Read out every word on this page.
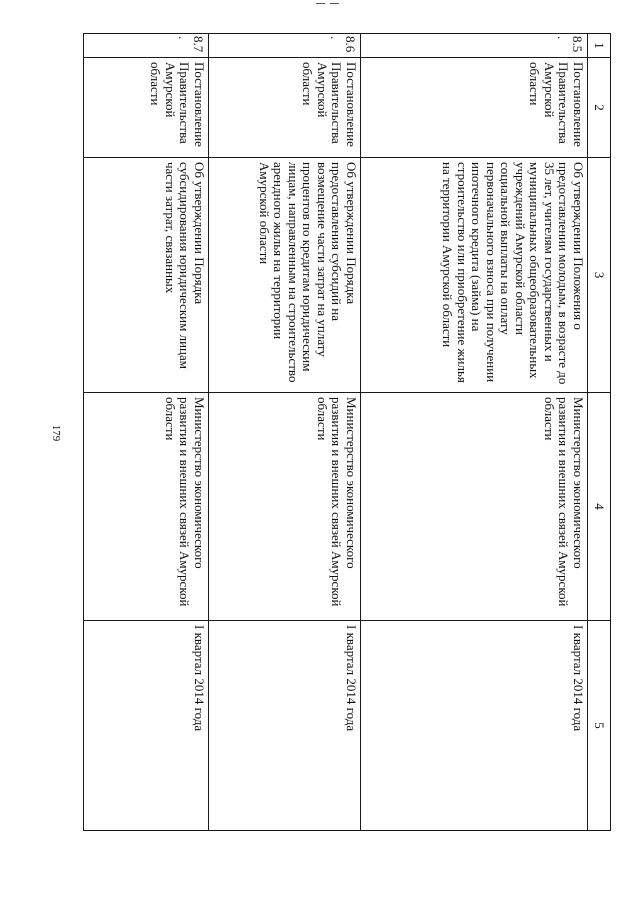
179
1	2	3	4	5
8.5.	Постановление Правительства Амурской области	Об утверждении Положения о предоставлении молодым, в возрасте до 35 лет, учителям государственных и муниципальных общеобразовательных учреждений Амурской области социальной выплаты на оплату первоначального взноса при получении ипотечного кредита (займа) на строительство или приобретение жилья на территории Амурской области	Министерство экономического развития и внешних связей Амурской области	I квартал 2014 года
8.6.	Постановление Правительства Амурской области	Об утверждении Порядка предоставления субсидий на возмещение части затрат на уплату процентов по кредитам юридическим лицам, направленным на строительство арендного жилья на территории Амурской области	Министерство экономического развития и внешних связей Амурской области	I квартал 2014 года
8.7.	Постановление Правительства Амурской области	Об утверждении Порядка субсидирования юридическим лицам части затрат, связанных	Министерство экономического развития и внешних связей Амурской области	I квартал 2014 года
